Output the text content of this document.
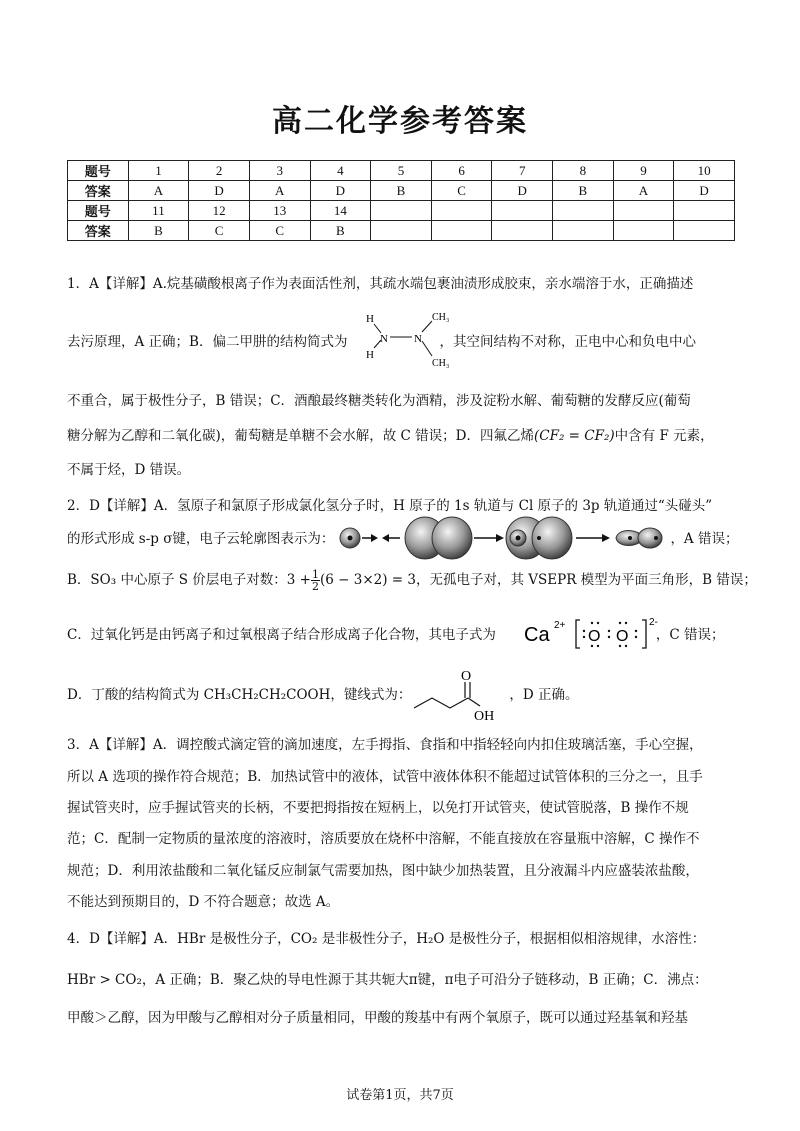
高二化学参考答案
题号	1	2	3	4	5	6	7	8	9	10
答案	A	D	A	D	B	C	D	B	A	D
题号	11	12	13	14						
答案	B	C	C	B						
1．A【详解】A.烷基磺酸根离子作为表面活性剂，其疏水端包裹油渍形成胶束，亲水端溶于水，正确描述
去污原理，A 正确；B．偏二甲肼的结构简式为	，其空间结构不对称，正电中心和负电中心
H
H
N N
CH₃
CH₃
不重合，属于极性分子，B 错误；C．酒酿最终糖类转化为酒精，涉及淀粉水解、葡萄糖的发酵反应(葡萄
糖分解为乙醇和二氧化碳)，葡萄糖是单糖不会水解，故 C 错误；D．四氟乙烯(CF₂ = CF₂)中含有 F 元素，
不属于烃，D 错误。
2．D【详解】A．氢原子和氯原子形成氯化氢分子时，H 原子的 1s 轨道与 Cl 原子的 3p 轨道通过“头碰头”
的形式形成 s-p σ键，电子云轮廓图表示为：	，A 错误；
B．SO₃ 中心原子 S 价层电子对数：$3 + \frac{1}{2} (6 - 3\times 2) = 3$，无孤电子对，其 VSEPR 模型为平面三角形，B 错误；
C．过氧化钙是由钙离子和过氧根离子结合形成离子化合物，其电子式为	，C 错误；
Ca 2+
O O
2-
D．丁酸的结构简式为 CH₃CH₂CH₂COOH，键线式为：	，D 正确。
O
OH
3．A【详解】A．调控酸式滴定管的滴加速度，左手拇指、食指和中指轻轻向内扣住玻璃活塞，手心空握，
所以 A 选项的操作符合规范；B．加热试管中的液体，试管中液体体积不能超过试管体积的三分之一，且手
握试管夹时，应手握试管夹的长柄，不要把拇指按在短柄上，以免打开试管夹，使试管脱落，B 操作不规
范；C．配制一定物质的量浓度的溶液时，溶质要放在烧杯中溶解，不能直接放在容量瓶中溶解，C 操作不
规范；D．利用浓盐酸和二氧化锰反应制氯气需要加热，图中缺少加热装置，且分液漏斗内应盛装浓盐酸，
不能达到预期目的，D 不符合题意；故选 A。
4．D【详解】A．HBr 是极性分子，CO₂ 是非极性分子，H₂O 是极性分子，根据相似相溶规律，水溶性：
HBr > CO₂，A 正确；B．聚乙炔的导电性源于其共轭大π键，π电子可沿分子链移动，B 正确；C．沸点：
甲酸＞乙醇，因为甲酸与乙醇相对分子质量相同，甲酸的羧基中有两个氧原子，既可以通过羟基氧和羟基
试卷第1页，共7页
